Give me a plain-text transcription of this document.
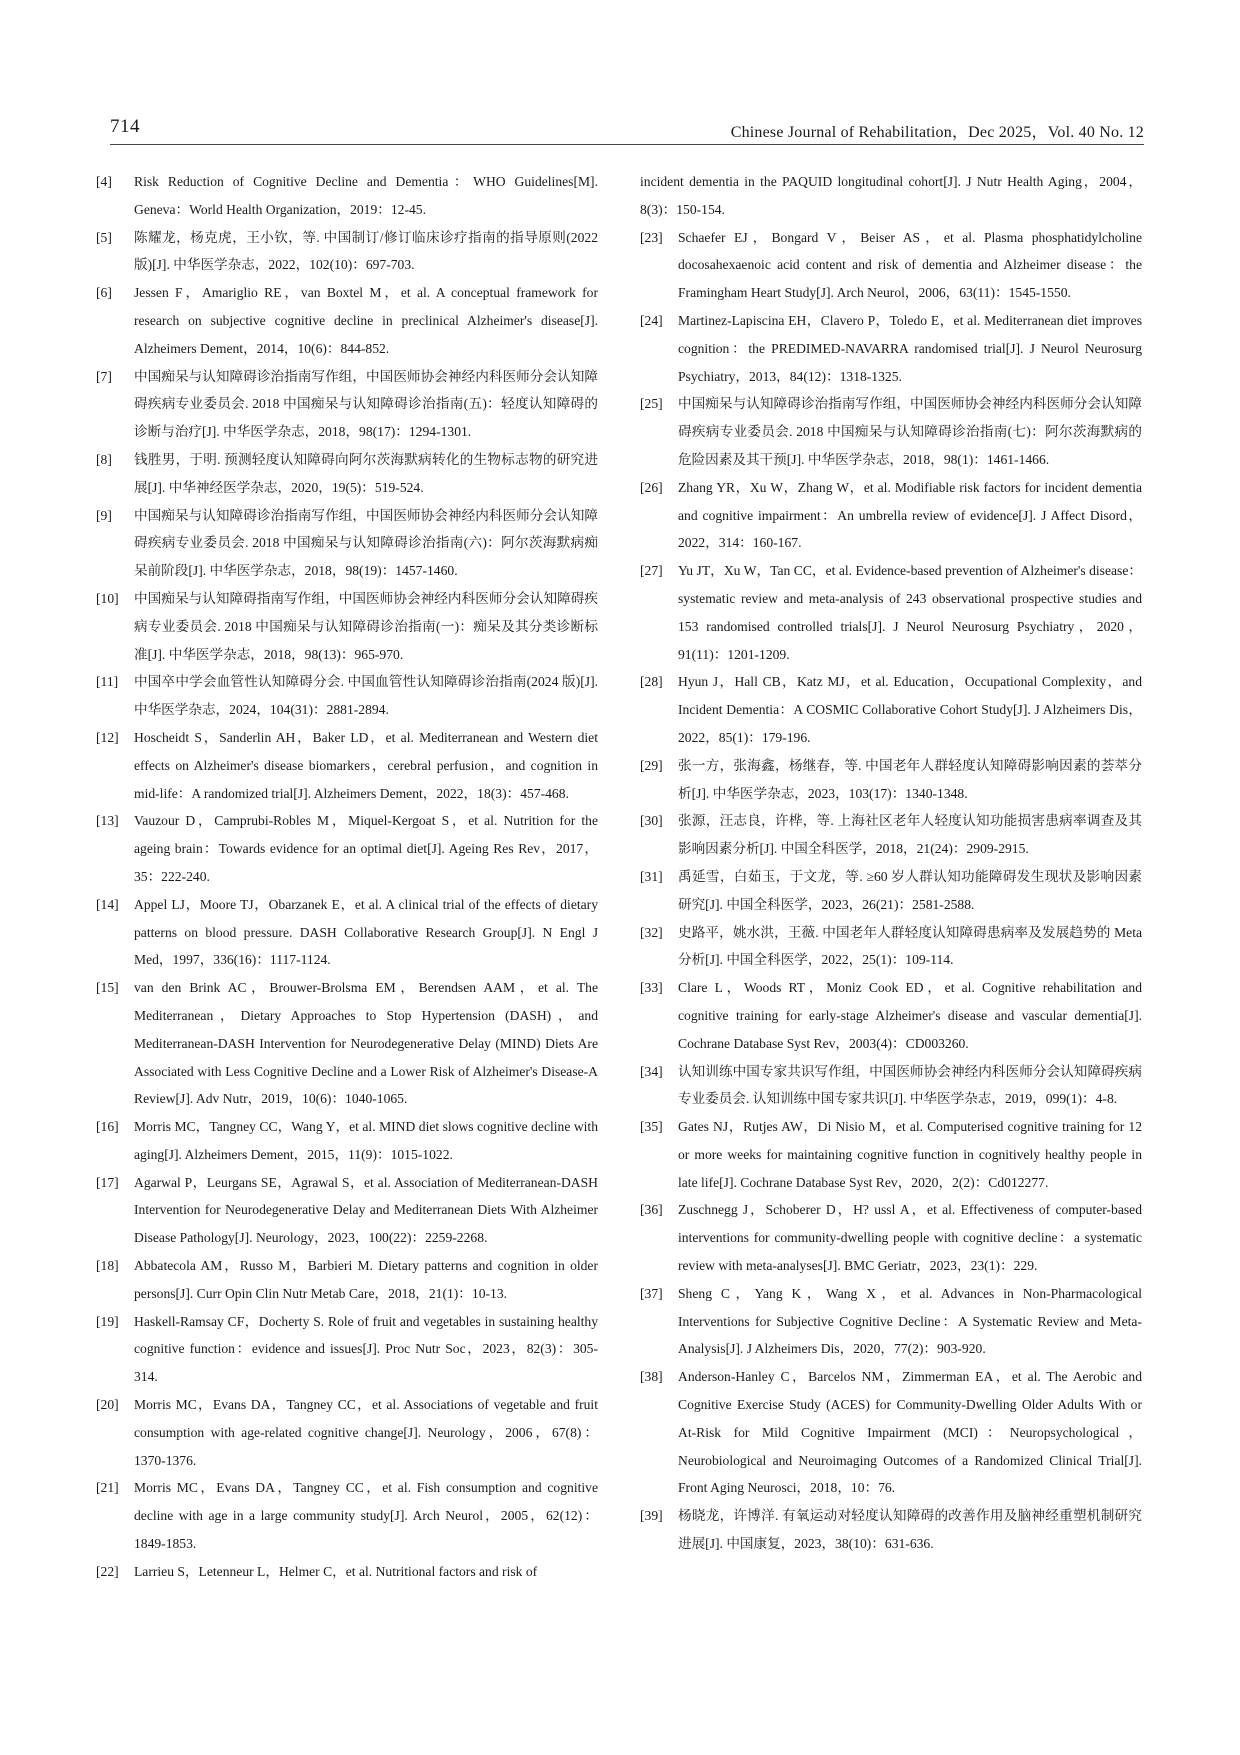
714	Chinese Journal of Rehabilitation，Dec 2025，Vol. 40 No. 12

[4]	Risk Reduction of Cognitive Decline and Dementia：WHO Guidelines[M]. Geneva：World Health Organization，2019：12-45.

[5]	陈耀龙，杨克虎，王小钦，等. 中国制订/修订临床诊疗指南的指导原则(2022 版)[J]. 中华医学杂志，2022，102(10)：697-703.

[6]	Jessen F，Amariglio RE，van Boxtel M，et al. A conceptual framework for research on subjective cognitive decline in preclinical Alzheimer's disease[J]. Alzheimers Dement，2014，10(6)：844-852.

[7]	中国痴呆与认知障碍诊治指南写作组，中国医师协会神经内科医师分会认知障碍疾病专业委员会. 2018 中国痴呆与认知障碍诊治指南(五)：轻度认知障碍的诊断与治疗[J]. 中华医学杂志，2018，98(17)：1294-1301.

[8]	钱胜男，于明. 预测轻度认知障碍向阿尔茨海默病转化的生物标志物的研究进展[J]. 中华神经医学杂志，2020，19(5)：519-524.

[9]	中国痴呆与认知障碍诊治指南写作组，中国医师协会神经内科医师分会认知障碍疾病专业委员会. 2018 中国痴呆与认知障碍诊治指南(六)：阿尔茨海默病痴呆前阶段[J]. 中华医学杂志，2018，98(19)：1457-1460.

[10]	中国痴呆与认知障碍指南写作组，中国医师协会神经内科医师分会认知障碍疾病专业委员会. 2018 中国痴呆与认知障碍诊治指南(一)：痴呆及其分类诊断标准[J]. 中华医学杂志，2018，98(13)：965-970.

[11]	中国卒中学会血管性认知障碍分会. 中国血管性认知障碍诊治指南(2024 版)[J]. 中华医学杂志，2024，104(31)：2881-2894.

[12]	Hoscheidt S，Sanderlin AH，Baker LD，et al. Mediterranean and Western diet effects on Alzheimer's disease biomarkers，cerebral perfusion，and cognition in mid-life：A randomized trial[J]. Alzheimers Dement，2022，18(3)：457-468.

[13]	Vauzour D，Camprubi-Robles M，Miquel-Kergoat S，et al. Nutrition for the ageing brain：Towards evidence for an optimal diet[J]. Ageing Res Rev，2017，35：222-240.

[14]	Appel LJ，Moore TJ，Obarzanek E，et al. A clinical trial of the effects of dietary patterns on blood pressure. DASH Collaborative Research Group[J]. N Engl J Med，1997，336(16)：1117-1124.

[15]	van den Brink AC，Brouwer-Brolsma EM，Berendsen AAM，et al. The Mediterranean，Dietary Approaches to Stop Hypertension (DASH)，and Mediterranean-DASH Intervention for Neurodegenerative Delay (MIND) Diets Are Associated with Less Cognitive Decline and a Lower Risk of Alzheimer's Disease-A Review[J]. Adv Nutr，2019，10(6)：1040-1065.

[16]	Morris MC，Tangney CC，Wang Y，et al. MIND diet slows cognitive decline with aging[J]. Alzheimers Dement，2015，11(9)：1015-1022.

[17]	Agarwal P，Leurgans SE，Agrawal S，et al. Association of Mediterranean-DASH Intervention for Neurodegenerative Delay and Mediterranean Diets With Alzheimer Disease Pathology[J]. Neurology，2023，100(22)：2259-2268.

[18]	Abbatecola AM，Russo M，Barbieri M. Dietary patterns and cognition in older persons[J]. Curr Opin Clin Nutr Metab Care，2018，21(1)：10-13.

[19]	Haskell-Ramsay CF，Docherty S. Role of fruit and vegetables in sustaining healthy cognitive function：evidence and issues[J]. Proc Nutr Soc，2023，82(3)：305-314.

[20]	Morris MC，Evans DA，Tangney CC，et al. Associations of vegetable and fruit consumption with age-related cognitive change[J]. Neurology，2006，67(8)：1370-1376.

[21]	Morris MC，Evans DA，Tangney CC，et al. Fish consumption and cognitive decline with age in a large community study[J]. Arch Neurol，2005，62(12)：1849-1853.

[22]	Larrieu S，Letenneur L，Helmer C，et al. Nutritional factors and risk of

incident dementia in the PAQUID longitudinal cohort[J]. J Nutr Health Aging，2004，8(3)：150-154.

[23]	Schaefer EJ，Bongard V，Beiser AS，et al. Plasma phosphatidylcholine docosahexaenoic acid content and risk of dementia and Alzheimer disease：the Framingham Heart Study[J]. Arch Neurol，2006，63(11)：1545-1550.

[24]	Martinez-Lapiscina EH，Clavero P，Toledo E，et al. Mediterranean diet improves cognition：the PREDIMED-NAVARRA randomised trial[J]. J Neurol Neurosurg Psychiatry，2013，84(12)：1318-1325.

[25]	中国痴呆与认知障碍诊治指南写作组，中国医师协会神经内科医师分会认知障碍疾病专业委员会. 2018 中国痴呆与认知障碍诊治指南(七)：阿尔茨海默病的危险因素及其干预[J]. 中华医学杂志，2018，98(1)：1461-1466.

[26]	Zhang YR，Xu W，Zhang W，et al. Modifiable risk factors for incident dementia and cognitive impairment：An umbrella review of evidence[J]. J Affect Disord，2022，314：160-167.

[27]	Yu JT，Xu W，Tan CC，et al. Evidence-based prevention of Alzheimer's disease：systematic review and meta-analysis of 243 observational prospective studies and 153 randomised controlled trials[J]. J Neurol Neurosurg Psychiatry，2020，91(11)：1201-1209.

[28]	Hyun J，Hall CB，Katz MJ，et al. Education，Occupational Complexity，and Incident Dementia：A COSMIC Collaborative Cohort Study[J]. J Alzheimers Dis，2022，85(1)：179-196.

[29]	张一方，张海鑫，杨继春，等. 中国老年人群轻度认知障碍影响因素的荟萃分析[J]. 中华医学杂志，2023，103(17)：1340-1348.

[30]	张源，汪志良，许桦，等. 上海社区老年人轻度认知功能损害患病率调查及其影响因素分析[J]. 中国全科医学，2018，21(24)：2909-2915.

[31]	禹延雪，白茹玉，于文龙，等. ≥60 岁人群认知功能障碍发生现状及影响因素研究[J]. 中国全科医学，2023，26(21)：2581-2588.

[32]	史路平，姚水洪，王薇. 中国老年人群轻度认知障碍患病率及发展趋势的 Meta 分析[J]. 中国全科医学，2022，25(1)：109-114.

[33]	Clare L，Woods RT，Moniz Cook ED，et al. Cognitive rehabilitation and cognitive training for early-stage Alzheimer's disease and vascular dementia[J]. Cochrane Database Syst Rev，2003(4)：CD003260.

[34]	认知训练中国专家共识写作组，中国医师协会神经内科医师分会认知障碍疾病专业委员会. 认知训练中国专家共识[J]. 中华医学杂志，2019，099(1)：4-8.

[35]	Gates NJ，Rutjes AW，Di Nisio M，et al. Computerised cognitive training for 12 or more weeks for maintaining cognitive function in cognitively healthy people in late life[J]. Cochrane Database Syst Rev，2020，2(2)：Cd012277.

[36]	Zuschnegg J，Schoberer D，H? ussl A，et al. Effectiveness of computer-based interventions for community-dwelling people with cognitive decline：a systematic review with meta-analyses[J]. BMC Geriatr，2023，23(1)：229.

[37]	Sheng C，Yang K，Wang X，et al. Advances in Non-Pharmacological Interventions for Subjective Cognitive Decline：A Systematic Review and Meta-Analysis[J]. J Alzheimers Dis，2020，77(2)：903-920.

[38]	Anderson-Hanley C，Barcelos NM，Zimmerman EA，et al. The Aerobic and Cognitive Exercise Study (ACES) for Community-Dwelling Older Adults With or At-Risk for Mild Cognitive Impairment (MCI)：Neuropsychological，Neurobiological and Neuroimaging Outcomes of a Randomized Clinical Trial[J]. Front Aging Neurosci，2018，10：76.

[39]	杨晓龙，许博洋. 有氧运动对轻度认知障碍的改善作用及脑神经重塑机制研究进展[J]. 中国康复，2023，38(10)：631-636.
